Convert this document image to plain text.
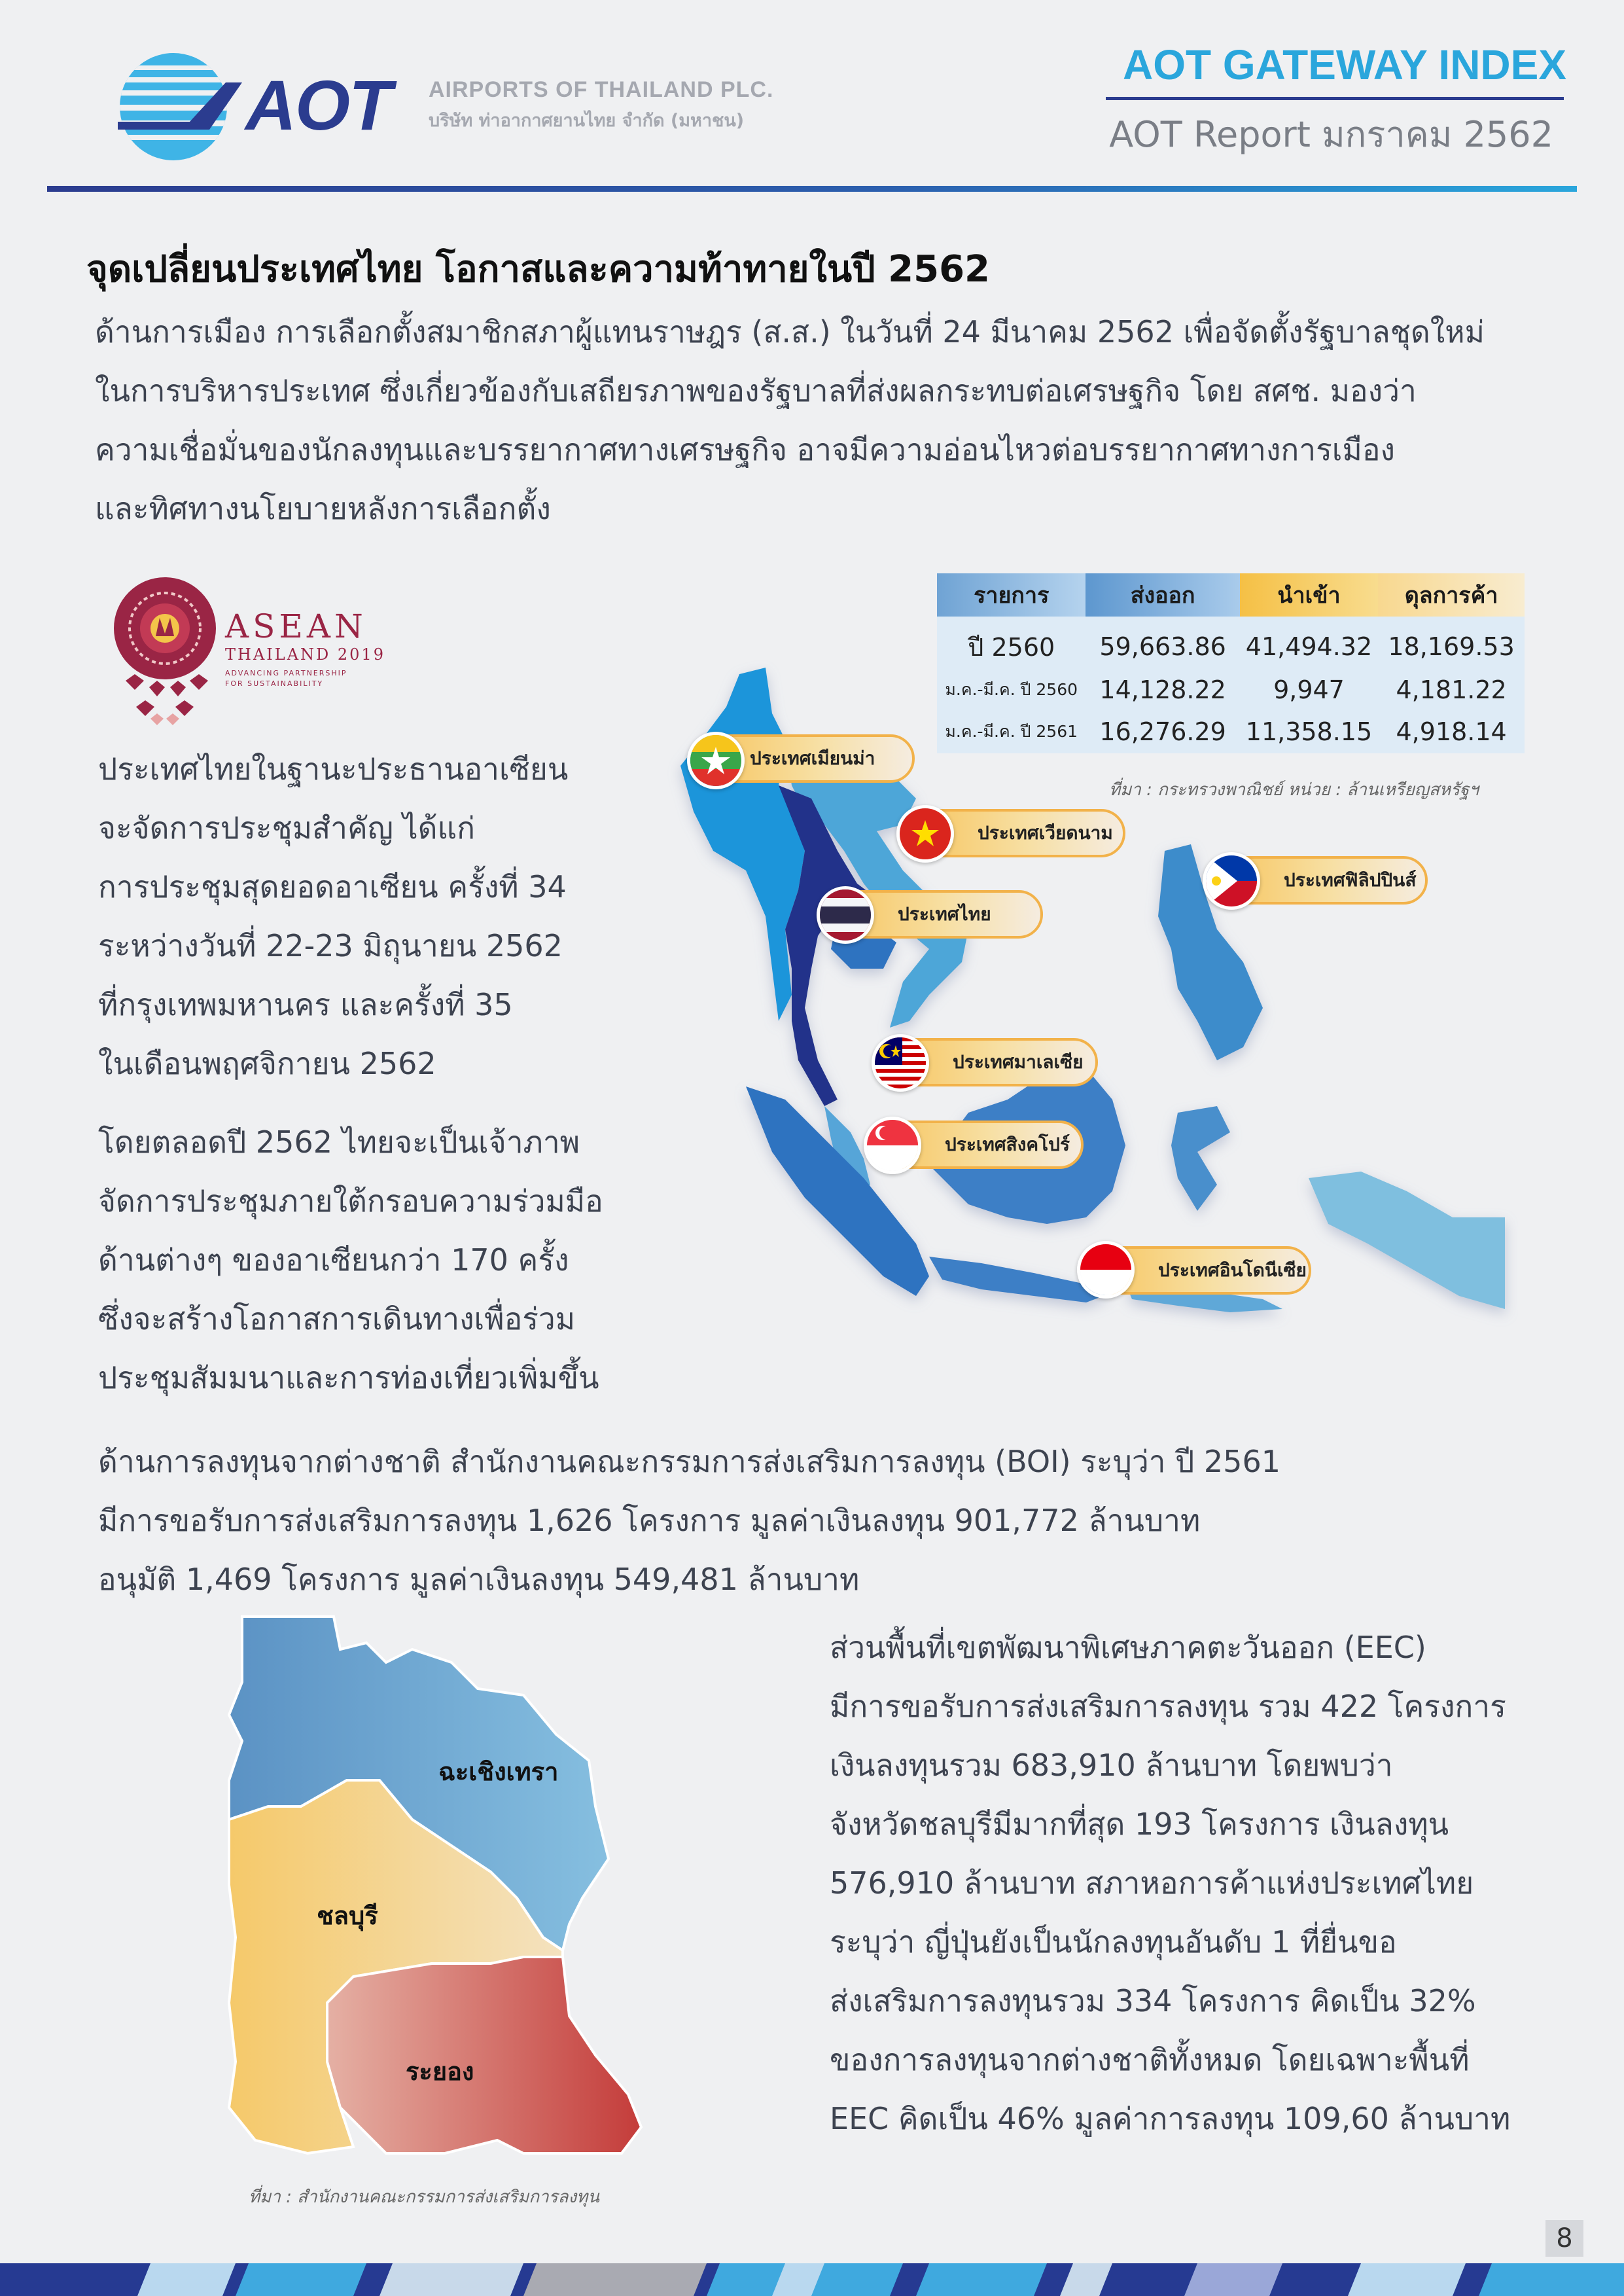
AOT AIRPORTS OF THAILAND PLC.
บริษัท ท่าอากาศยานไทย จำกัด (มหาชน)
AOT GATEWAY INDEX
AOT Report มกราคม 2562
จุดเปลี่ยนประเทศไทย โอกาสและความท้าทายในปี 2562
ด้านการเมือง การเลือกตั้งสมาชิกสภาผู้แทนราษฎร (ส.ส.) ในวันที่ 24 มีนาคม 2562 เพื่อจัดตั้งรัฐบาลชุดใหม่
ในการบริหารประเทศ ซึ่งเกี่ยวข้องกับเสถียรภาพของรัฐบาลที่ส่งผลกระทบต่อเศรษฐกิจ โดย สศช. มองว่า
ความเชื่อมั่นของนักลงทุนและบรรยากาศทางเศรษฐกิจ อาจมีความอ่อนไหวต่อบรรยากาศทางการเมือง
และทิศทางนโยบายหลังการเลือกตั้ง
ASEAN
THAILAND 2019
ADVANCING PARTNERSHIP
FOR SUSTAINABILITY
ประเทศไทยในฐานะประธานอาเซียน
จะจัดการประชุมสำคัญ ได้แก่
การประชุมสุดยอดอาเซียน ครั้งที่ 34
ระหว่างวันที่ 22-23 มิถุนายน 2562
ที่กรุงเทพมหานคร และครั้งที่ 35
ในเดือนพฤศจิกายน 2562
โดยตลอดปี 2562 ไทยจะเป็นเจ้าภาพ
จัดการประชุมภายใต้กรอบความร่วมมือ
ด้านต่างๆ ของอาเซียนกว่า 170 ครั้ง
ซึ่งจะสร้างโอกาสการเดินทางเพื่อร่วม
ประชุมสัมมนาและการท่องเที่ยวเพิ่มขึ้น
รายการ	ส่งออก	นำเข้า	ดุลการค้า
ปี 2560	59,663.86	41,494.32	18,169.53
ม.ค.-มี.ค. ปี 2560	14,128.22	9,947	4,181.22
ม.ค.-มี.ค. ปี 2561	16,276.29	11,358.15	4,918.14
ที่มา : กระทรวงพาณิชย์ หน่วย : ล้านเหรียญสหรัฐฯ
ประเทศเมียนม่า
ประเทศเวียดนาม
ประเทศฟิลิปปินส์
ประเทศไทย
ประเทศมาเลเซีย
ประเทศสิงคโปร์
ประเทศอินโดนีเซีย
ด้านการลงทุนจากต่างชาติ สำนักงานคณะกรรมการส่งเสริมการลงทุน (BOI) ระบุว่า ปี 2561
มีการขอรับการส่งเสริมการลงทุน 1,626 โครงการ มูลค่าเงินลงทุน 901,772 ล้านบาท
อนุมัติ 1,469 โครงการ มูลค่าเงินลงทุน 549,481 ล้านบาท
ฉะเชิงเทรา
ชลบุรี
ระยอง
ที่มา : สำนักงานคณะกรรมการส่งเสริมการลงทุน
ส่วนพื้นที่เขตพัฒนาพิเศษภาคตะวันออก (EEC)
มีการขอรับการส่งเสริมการลงทุน รวม 422 โครงการ
เงินลงทุนรวม 683,910 ล้านบาท โดยพบว่า
จังหวัดชลบุรีมีมากที่สุด 193 โครงการ เงินลงทุน
576,910 ล้านบาท สภาหอการค้าแห่งประเทศไทย
ระบุว่า ญี่ปุ่นยังเป็นนักลงทุนอันดับ 1 ที่ยื่นขอ
ส่งเสริมการลงทุนรวม 334 โครงการ คิดเป็น 32%
ของการลงทุนจากต่างชาติทั้งหมด โดยเฉพาะพื้นที่
EEC คิดเป็น 46% มูลค่าการลงทุน 109,60 ล้านบาท
8
